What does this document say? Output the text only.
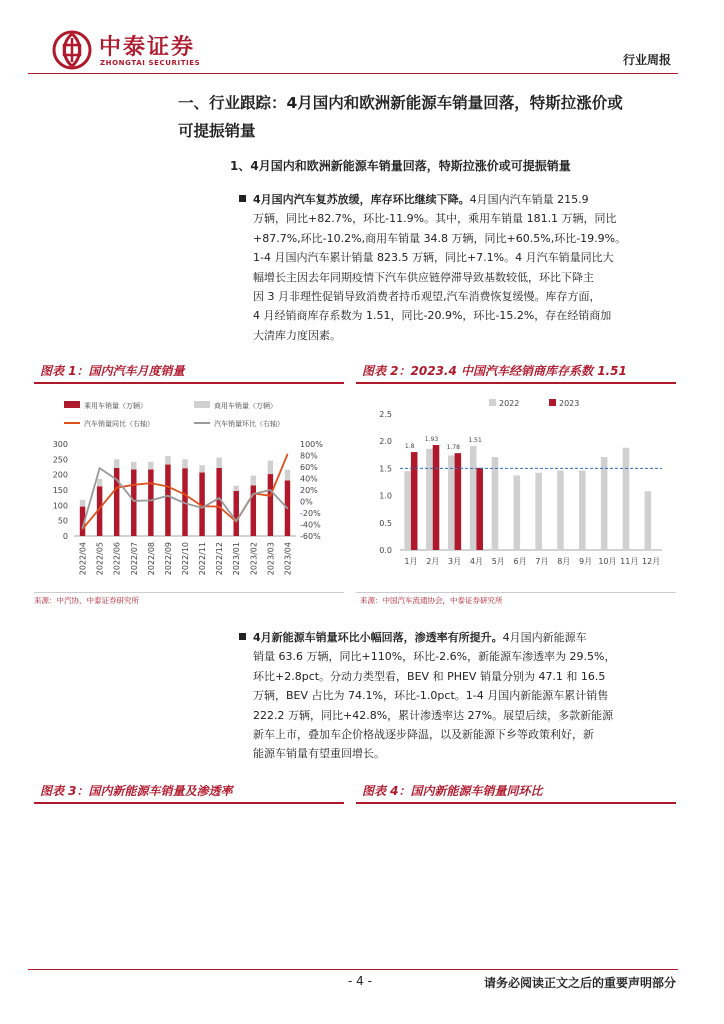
中泰证券
ZHONGTAI SECURITIES	行业周报
一、行业跟踪：4月国内和欧洲新能源车销量回落，特斯拉涨价或
可提振销量
1、4月国内和欧洲新能源车销量回落，特斯拉涨价或可提振销量
4月国内汽车复苏放缓，库存环比继续下降。4月国内汽车销量 215.9
万辆，同比+82.7%，环比-11.9%。其中，乘用车销量 181.1 万辆，同比
+87.7%,环比-10.2%,商用车销量 34.8 万辆，同比+60.5%,环比-19.9%。
1-4 月国内汽车累计销量 823.5 万辆，同比+7.1%。4 月汽车销量同比大
幅增长主因去年同期疫情下汽车供应链停滞导致基数较低，环比下降主
因 3 月非理性促销导致消费者持币观望,汽车消费恢复缓慢。库存方面，
4 月经销商库存系数为 1.51，同比-20.9%，环比-15.2%，存在经销商加
大清库力度因素。
图表 1：国内汽车月度销量
乘用车销量（万辆）	商用车销量（万辆）
汽车销量同比（右轴）	汽车销量环比（右轴）
0
50
100
150
200
250
300	100%
80%
60%
40%
20%
0%
-20%
-40%
-60%
2022/04 2022/05 2022/06 2022/07 2022/08 2022/09 2022/10 2022/11 2022/12 2023/01 2023/02 2023/03 2023/04
来源：中汽协、中泰证券研究所
图表 2：2023.4 中国汽车经销商库存系数 1.51
2022	2023
0.0
0.5
1.0
1.5
2.0
2.5
1.8
1月
1.93
2月
1.78
3月
1.51
4月 5月 6月 7月 8月 9月 10月 11月 12月
来源：中国汽车流通协会，中泰证券研究所
4月新能源车销量环比小幅回落，渗透率有所提升。4月国内新能源车
销量 63.6 万辆，同比+110%，环比-2.6%，新能源车渗透率为 29.5%，
环比+2.8pct。分动力类型看，BEV 和 PHEV 销量分别为 47.1 和 16.5
万辆，BEV 占比为 74.1%，环比-1.0pct。1-4 月国内新能源车累计销售
222.2 万辆，同比+42.8%，累计渗透率达 27%。展望后续，多款新能源
新车上市，叠加车企价格战逐步降温，以及新能源下乡等政策利好，新
能源车销量有望重回增长。
图表 3：国内新能源车销量及渗透率	图表 4：国内新能源车销量同环比
- 4 -	请务必阅读正文之后的重要声明部分
